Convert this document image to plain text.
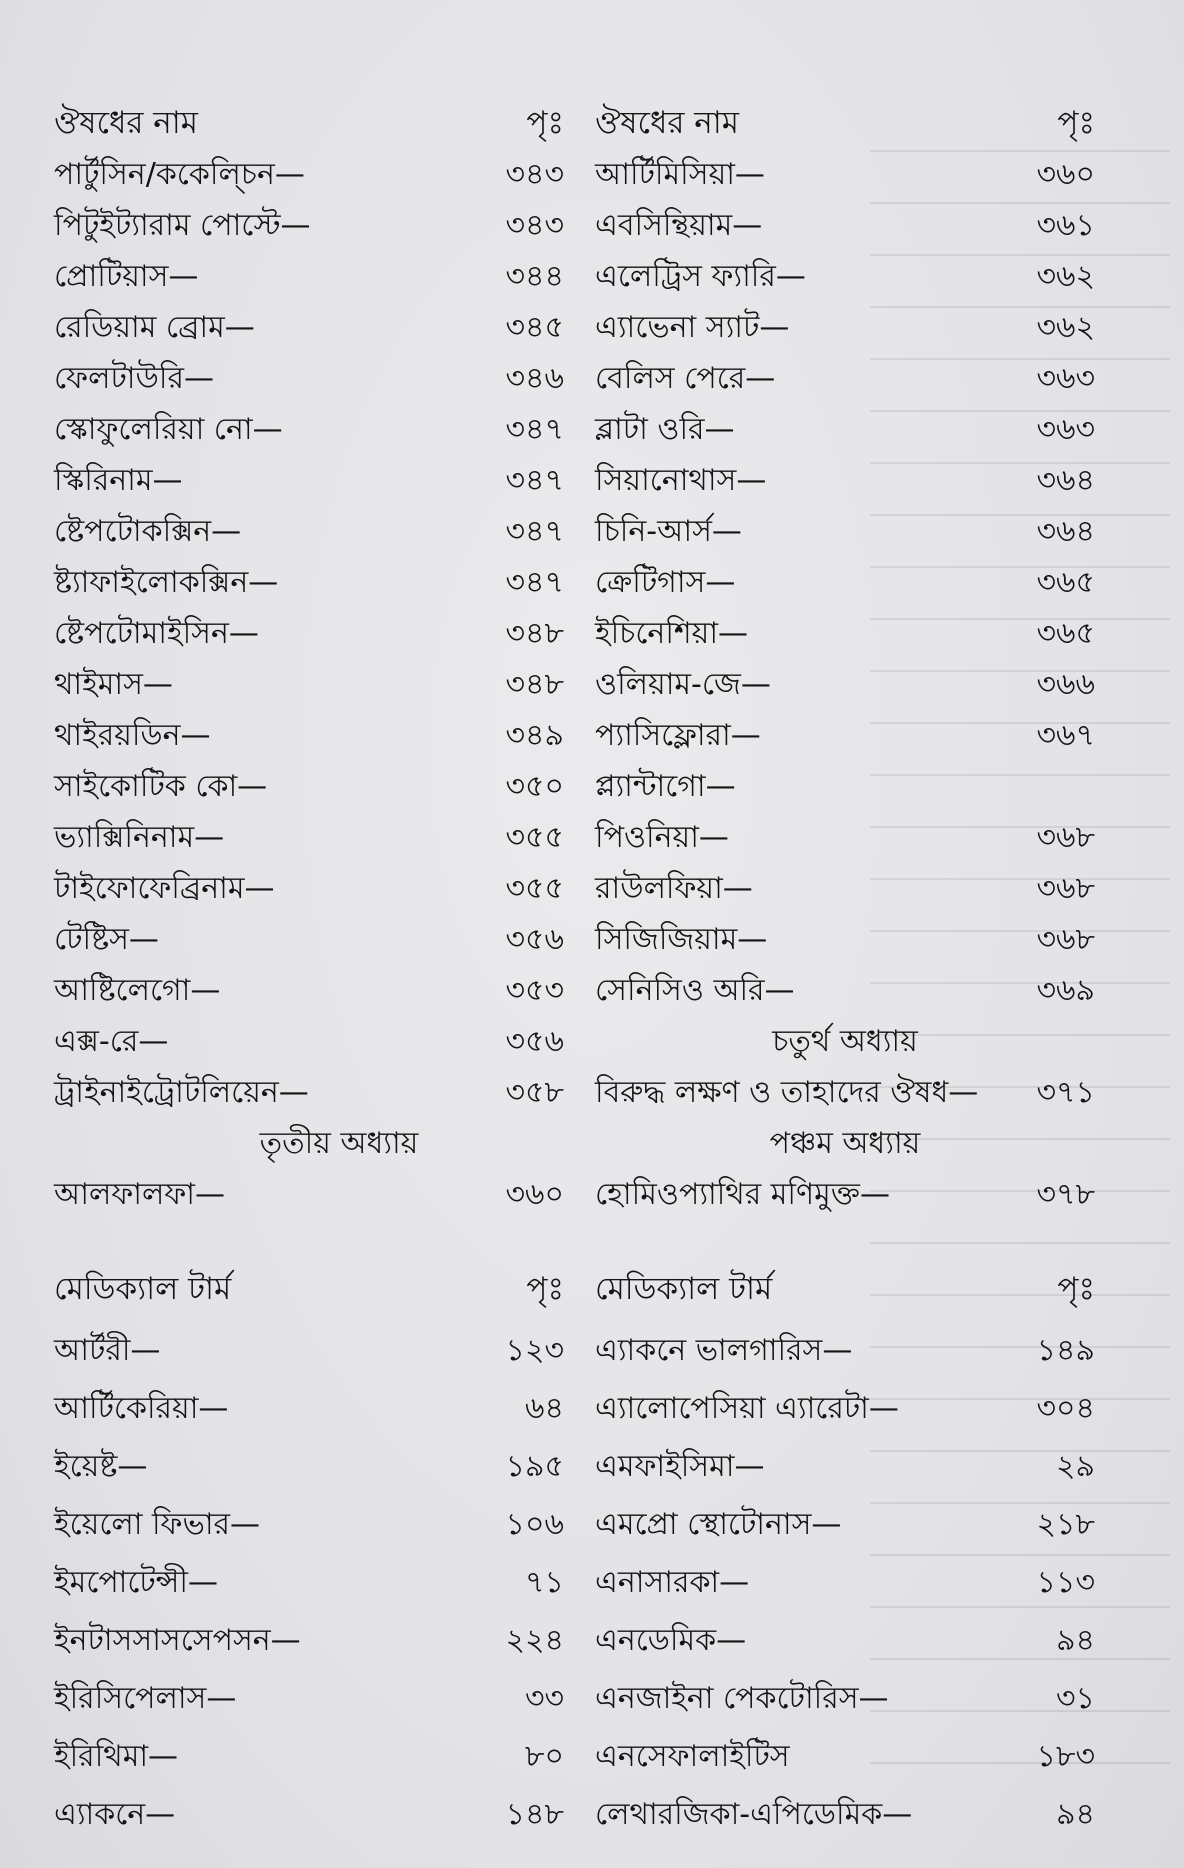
ঔষধের নাম	পৃঃ
পার্টুসিন/ককেল্চিন—	৩৪৩
পিটুইট্যারাম পোস্টে—	৩৪৩
প্রোটিয়াস—	৩৪৪
রেডিয়াম ব্রোম—	৩৪৫
ফেলটাউরি—	৩৪৬
স্কোফুলেরিয়া নো—	৩৪৭
স্কিরিনাম—	৩৪৭
ষ্টেপটোকক্সিন—	৩৪৭
ষ্ট্যাফাইলোকক্সিন—	৩৪৭
ষ্টেপটোমাইসিন—	৩৪৮
থাইমাস—	৩৪৮
থাইরয়ডিন—	৩৪৯
সাইকোটিক কো—	৩৫০
ভ্যাক্সিনিনাম—	৩৫৫
টাইফোফেব্রিনাম—	৩৫৫
টেষ্টিস—	৩৫৬
আষ্টিলেগো—	৩৫৩
এক্স-রে—	৩৫৬
ট্রাইনাইট্রোটলিয়েন—	৩৫৮
তৃতীয় অধ্যায়
আলফালফা—	৩৬০
ঔষধের নাম	পৃঃ
আর্টিমিসিয়া—	৩৬০
এবসিন্থিয়াম—	৩৬১
এলেট্রিস ফ্যারি—	৩৬২
এ্যাভেনা স্যাট—	৩৬২
বেলিস পেরে—	৩৬৩
ব্লাটা ওরি—	৩৬৩
সিয়ানোথাস—	৩৬৪
চিনি-আর্স—	৩৬৪
ক্রেটিগাস—	৩৬৫
ইচিনেশিয়া—	৩৬৫
ওলিয়াম-জে—	৩৬৬
প্যাসিফ্লোরা—	৩৬৭
প্ল্যান্টাগো—
পিওনিয়া—	৩৬৮
রাউলফিয়া—	৩৬৮
সিজিজিয়াম—	৩৬৮
সেনিসিও অরি—	৩৬৯
চতুর্থ অধ্যায়
বিরুদ্ধ লক্ষণ ও তাহাদের ঔষধ—	৩৭১
পঞ্চম অধ্যায়
হোমিওপ্যাথির মণিমুক্ত—	৩৭৮
মেডিক্যাল টার্ম	পৃঃ
আর্টরী—	১২৩
আর্টিকেরিয়া—	৬৪
ইয়েষ্ট—	১৯৫
ইয়েলো ফিভার—	১০৬
ইমপোটেন্সী—	৭১
ইনটাসসাসসেপসন—	২২৪
ইরিসিপেলাস—	৩৩
ইরিথিমা—	৮০
এ্যাকনে—	১৪৮
মেডিক্যাল টার্ম	পৃঃ
এ্যাকনে ভালগারিস—	১৪৯
এ্যালোপেসিয়া এ্যারেটা—	৩০৪
এমফাইসিমা—	২৯
এমপ্রো স্থোটোনাস—	২১৮
এনাসারকা—	১১৩
এনডেমিক—	৯৪
এনজাইনা পেকটোরিস—	৩১
এনসেফালাইটিস	১৮৩
লেথারজিকা-এপিডেমিক—	৯৪
